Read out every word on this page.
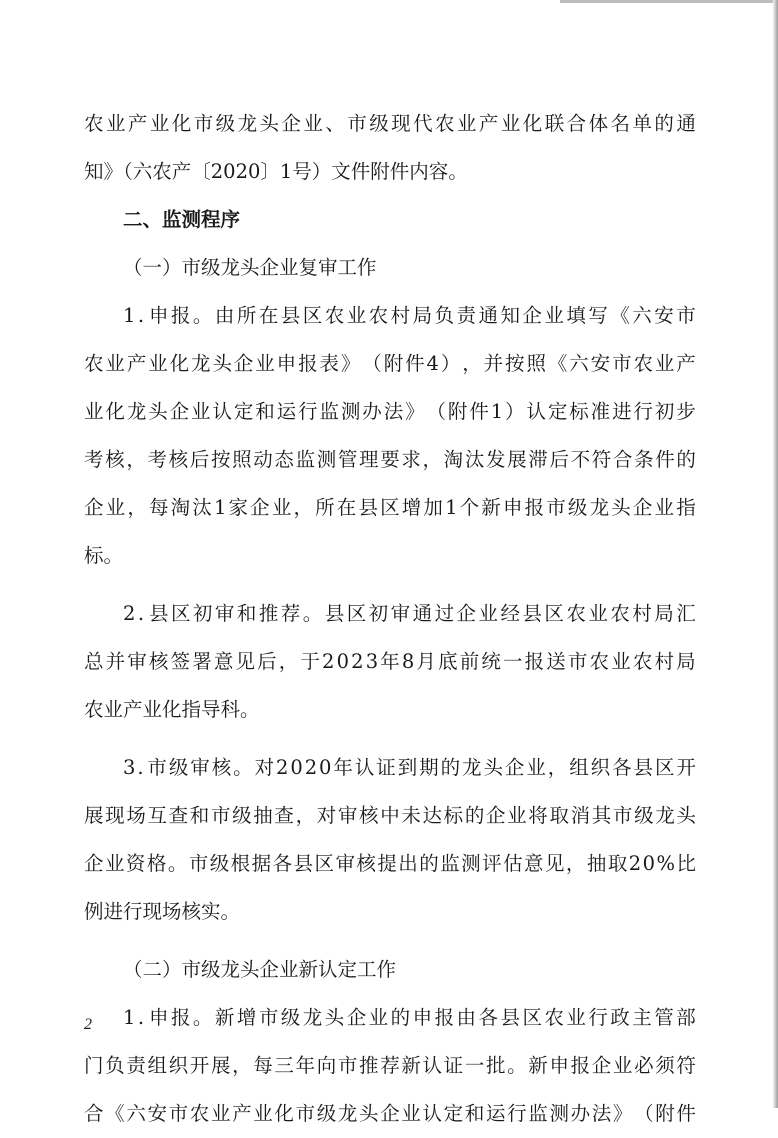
农 业 产 业 化 市 级 龙 头 企 业 、 市 级 现 代 农 业 产 业 化 联 合 体 名 单 的 通
知》（六农产〔2020〕1号）文件附件内容。
二、监测程序
（一）市级龙头企业复审工作
1 . 申 报 。 由 所 在 县 区 农 业 农 村 局 负 责 通 知 企 业 填 写 《 六 安 市
农 业 产 业 化 龙 头 企 业 申 报 表 》 （ 附 件 4 ） ， 并 按 照 《 六 安 市 农 业 产
业 化 龙 头 企 业 认 定 和 运 行 监 测 办 法 》 （ 附 件 1 ） 认 定 标 准 进 行 初 步
考 核 ， 考 核 后 按 照 动 态 监 测 管 理 要 求 ， 淘 汰 发 展 滞 后 不 符 合 条 件 的
企 业 ， 每 淘 汰 1 家 企 业 ， 所 在 县 区 增 加 1 个 新 申 报 市 级 龙 头 企 业 指
标。
2 . 县 区 初 审 和 推 荐 。 县 区 初 审 通 过 企 业 经 县 区 农 业 农 村 局 汇
总 并 审 核 签 署 意 见 后 ， 于 2 0 2 3 年 8 月 底 前 统 一 报 送 市 农 业 农 村 局
农业产业化指导科。
3 . 市 级 审 核 。 对 2 0 2 0 年 认 证 到 期 的 龙 头 企 业 ， 组 织 各 县 区 开
展 现 场 互 查 和 市 级 抽 查 ， 对 审 核 中 未 达 标 的 企 业 将 取 消 其 市 级 龙 头
企 业 资 格 。 市 级 根 据 各 县 区 审 核 提 出 的 监 测 评 估 意 见 ， 抽 取 2 0 % 比
例进行现场核实。
（二）市级龙头企业新认定工作
1 . 申 报 。 新 增 市 级 龙 头 企 业 的 申 报 由 各 县 区 农 业 行 政 主 管 部
门 负 责 组 织 开 展 ， 每 三 年 向 市 推 荐 新 认 证 一 批 。 新 申 报 企 业 必 须 符
合 《 六 安 市 农 业 产 业 化 市 级 龙 头 企 业 认 定 和 运 行 监 测 办 法 》 （ 附 件
2
